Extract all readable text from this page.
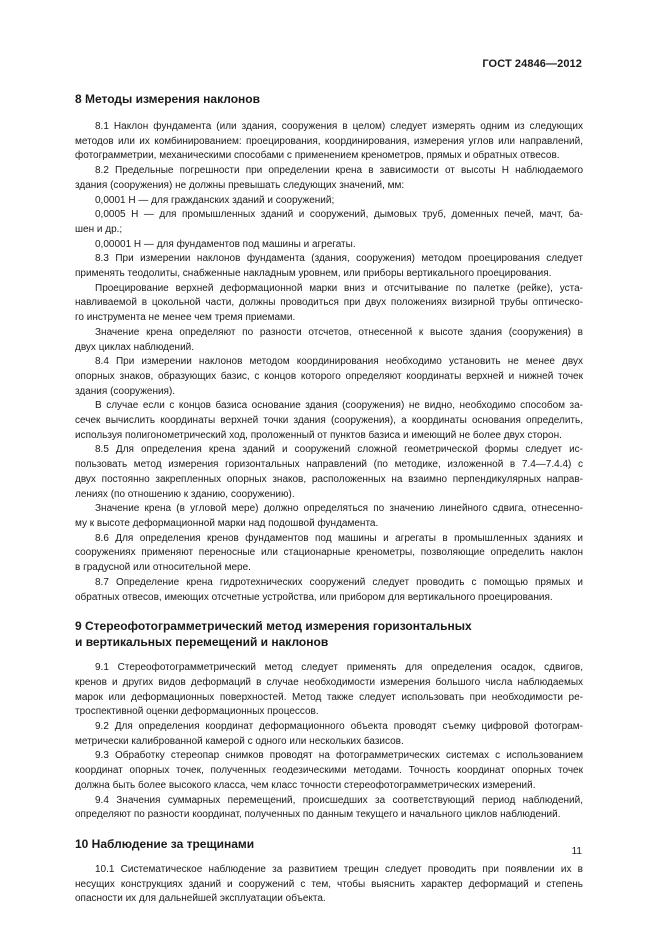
ГОСТ 24846—2012
8 Методы измерения наклонов
8.1 Наклон фундамента (или здания, сооружения в целом) следует измерять одним из следующих
методов или их комбинированием: проецирования, координирования, измерения углов или направлений,
фотограмметрии, механическими способами с применением кренометров, прямых и обратных отвесов.
8.2 Предельные погрешности при определении крена в зависимости от высоты Н наблюдаемого
здания (сооружения) не должны превышать следующих значений, мм:
0,0001 Н — для гражданских зданий и сооружений;
0,0005 Н — для промышленных зданий и сооружений, дымовых труб, доменных печей, мачт, ба-
шен и др.;
0,00001 Н — для фундаментов под машины и агрегаты.
8.3 При измерении наклонов фундамента (здания, сооружения) методом проецирования следует
применять теодолиты, снабженные накладным уровнем, или приборы вертикального проецирования.
Проецирование верхней деформационной марки вниз и отсчитывание по палетке (рейке), уста-
навливаемой в цокольной части, должны проводиться при двух положениях визирной трубы оптическо-
го инструмента не менее чем тремя приемами.
Значение крена определяют по разности отсчетов, отнесенной к высоте здания (сооружения) в
двух циклах наблюдений.
8.4 При измерении наклонов методом координирования необходимо установить не менее двух
опорных знаков, образующих базис, с концов которого определяют координаты верхней и нижней точек
здания (сооружения).
В случае если с концов базиса основание здания (сооружения) не видно, необходимо способом за-
сечек вычислить координаты верхней точки здания (сооружения), а координаты основания определить,
используя полигонометрический ход, проложенный от пунктов базиса и имеющий не более двух сторон.
8.5 Для определения крена зданий и сооружений сложной геометрической формы следует ис-
пользовать метод измерения горизонтальных направлений (по методике, изложенной в 7.4—7.4.4) с
двух постоянно закрепленных опорных знаков, расположенных на взаимно перпендикулярных направ-
лениях (по отношению к зданию, сооружению).
Значение крена (в угловой мере) должно определяться по значению линейного сдвига, отнесенно-
му к высоте деформационной марки над подошвой фундамента.
8.6 Для определения кренов фундаментов под машины и агрегаты в промышленных зданиях и
сооружениях применяют переносные или стационарные кренометры, позволяющие определить наклон
в градусной или относительной мере.
8.7 Определение крена гидротехнических сооружений следует проводить с помощью прямых и
обратных отвесов, имеющих отсчетные устройства, или прибором для вертикального проецирования.
9 Стереофотограмметрический метод измерения горизонтальных
и вертикальных перемещений и наклонов
9.1 Стереофотограмметрический метод следует применять для определения осадок, сдвигов,
кренов и других видов деформаций в случае необходимости измерения большого числа наблюдаемых
марок или деформационных поверхностей. Метод также следует использовать при необходимости ре-
троспективной оценки деформационных процессов.
9.2 Для определения координат деформационного объекта проводят съемку цифровой фотограм-
метрически калиброванной камерой с одного или нескольких базисов.
9.3 Обработку стереопар снимков проводят на фотограмметрических системах с использованием
координат опорных точек, полученных геодезическими методами. Точность координат опорных точек
должна быть более высокого класса, чем класс точности стереофотограмметрических измерений.
9.4 Значения суммарных перемещений, происшедших за соответствующий период наблюдений,
определяют по разности координат, полученных по данным текущего и начального циклов наблюдений.
10 Наблюдение за трещинами
10.1 Систематическое наблюдение за развитием трещин следует проводить при появлении их в
несущих конструкциях зданий и сооружений с тем, чтобы выяснить характер деформаций и степень
опасности их для дальнейшей эксплуатации объекта.
11
